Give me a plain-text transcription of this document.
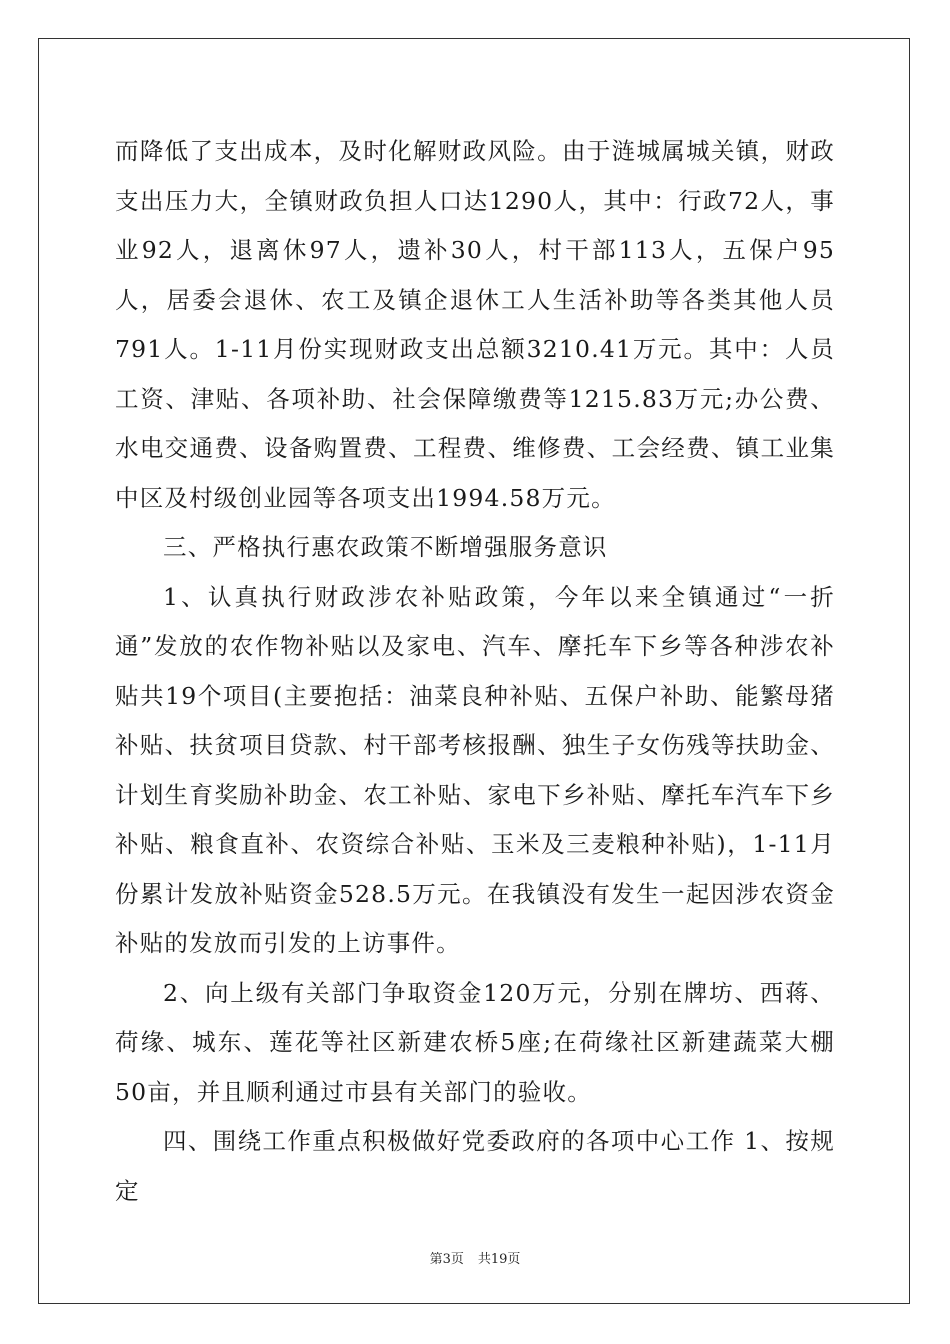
而降低了支出成本，及时化解财政风险。由于涟城属城关镇，财政支出压力大，全镇财政负担人口达1290人，其中：行政72人，事业92人，退离休97人，遗补30人，村干部113人，五保户95人，居委会退休、农工及镇企退休工人生活补助等各类其他人员791人。1-11月份实现财政支出总额3210.41万元。其中：人员工资、津贴、各项补助、社会保障缴费等1215.83万元;办公费、水电交通费、设备购置费、工程费、维修费、工会经费、镇工业集中区及村级创业园等各项支出1994.58万元。

三、严格执行惠农政策不断增强服务意识

1、认真执行财政涉农补贴政策，今年以来全镇通过“一折通”发放的农作物补贴以及家电、汽车、摩托车下乡等各种涉农补贴共19个项目(主要抱括：油菜良种补贴、五保户补助、能繁母猪补贴、扶贫项目贷款、村干部考核报酬、独生子女伤残等扶助金、计划生育奖励补助金、农工补贴、家电下乡补贴、摩托车汽车下乡补贴、粮食直补、农资综合补贴、玉米及三麦粮种补贴)，1-11月份累计发放补贴资金528.5万元。在我镇没有发生一起因涉农资金补贴的发放而引发的上访事件。

2、向上级有关部门争取资金120万元，分别在牌坊、西蒋、荷缘、城东、莲花等社区新建农桥5座;在荷缘社区新建蔬菜大棚50亩，并且顺利通过市县有关部门的验收。

四、围绕工作重点积极做好党委政府的各项中心工作 1、按规定

第3页 共19页
